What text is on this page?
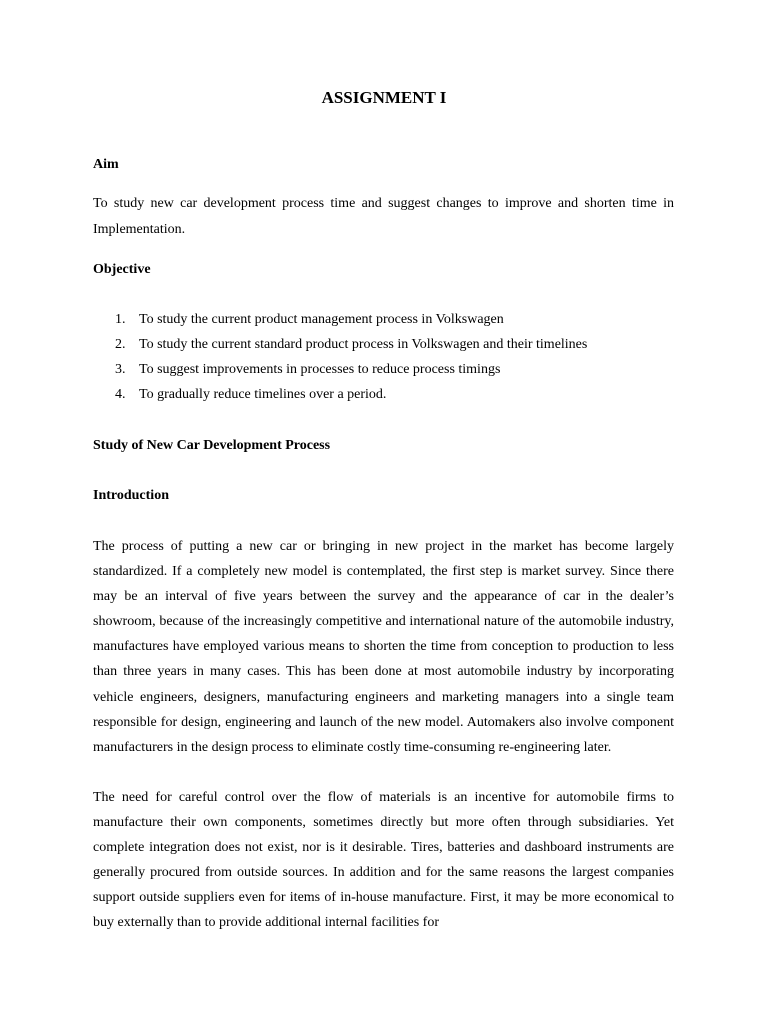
ASSIGNMENT I
Aim

To study new car development process time and suggest changes to improve and shorten time in Implementation.

Objective
1. To study the current product management process in Volkswagen
2. To study the current standard product process in Volkswagen and their timelines
3. To suggest improvements in processes to reduce process timings
4. To gradually reduce timelines over a period.
Study of New Car Development Process
Introduction

The process of putting a new car or bringing in new project in the market has become largely standardized. If a completely new model is contemplated, the first step is market survey. Since there may be an interval of five years between the survey and the appearance of car in the dealer’s showroom, because of the increasingly competitive and international nature of the automobile industry, manufactures have employed various means to shorten the time from conception to production to less than three years in many cases. This has been done at most automobile industry by incorporating vehicle engineers, designers, manufacturing engineers and marketing managers into a single team responsible for design, engineering and launch of the new model. Automakers also involve component manufacturers in the design process to eliminate costly time-consuming re-engineering later.

The need for careful control over the flow of materials is an incentive for automobile firms to manufacture their own components, sometimes directly but more often through subsidiaries. Yet complete integration does not exist, nor is it desirable. Tires, batteries and dashboard instruments are generally procured from outside sources. In addition and for the same reasons the largest companies support outside suppliers even for items of in-house manufacture. First, it may be more economical to buy externally than to provide additional internal facilities for
